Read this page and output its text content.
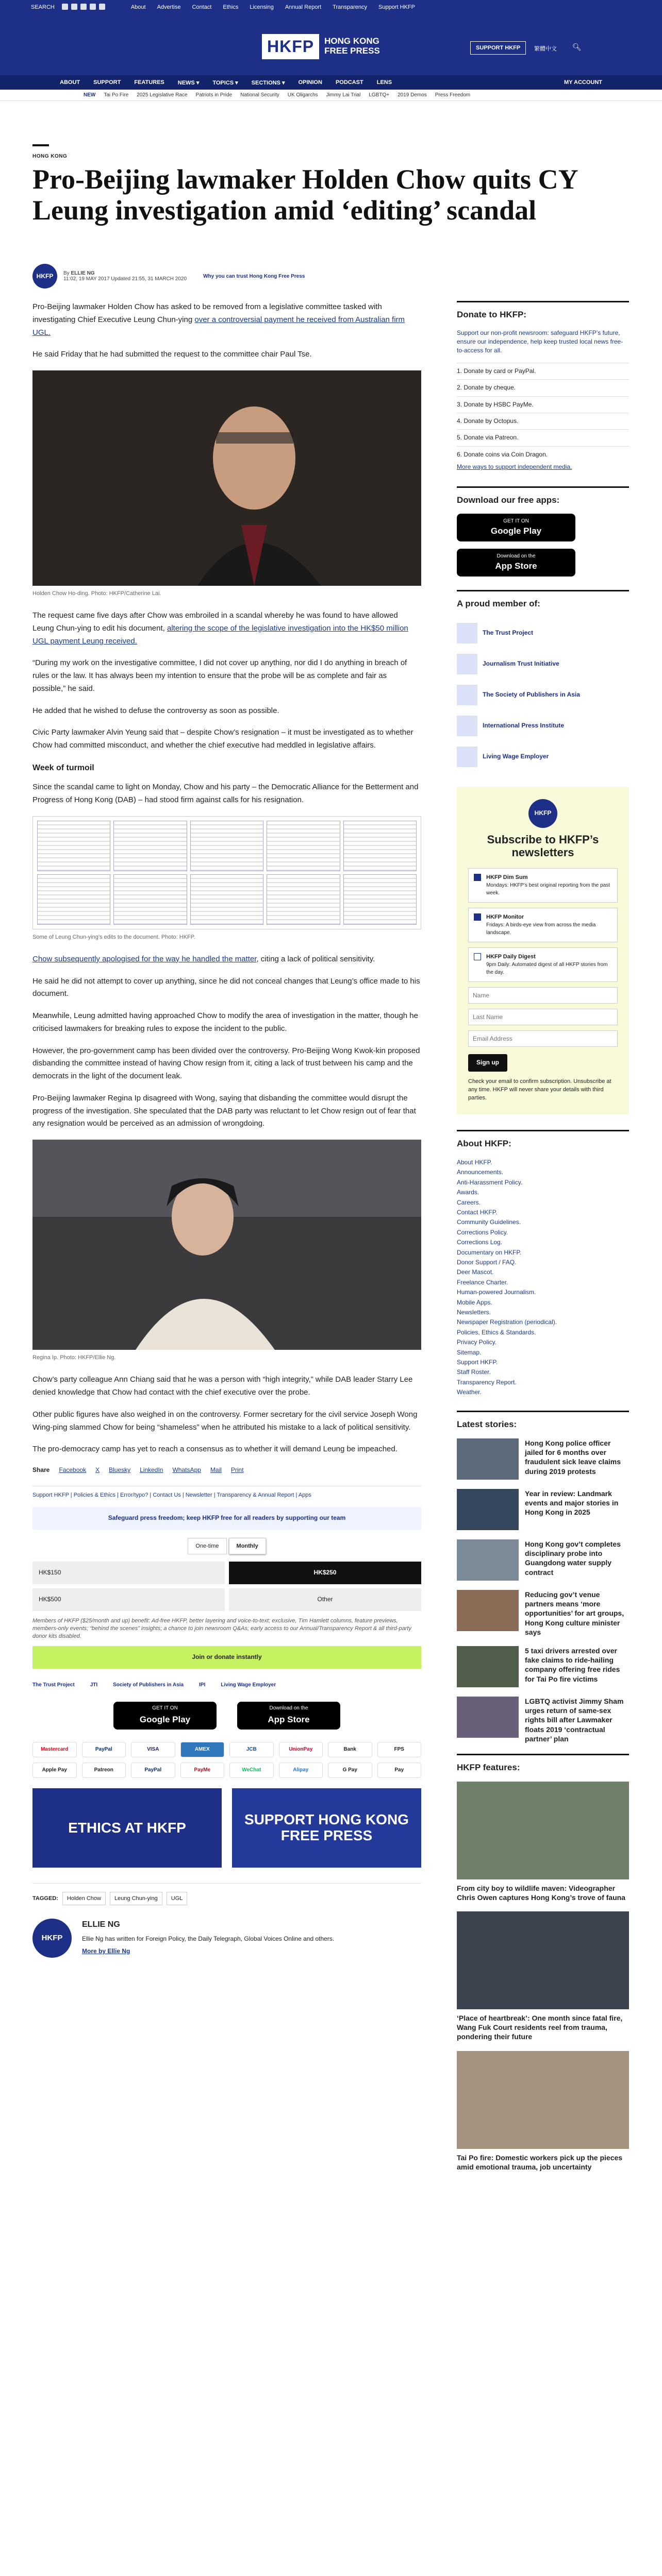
SEARCH	About Advertise Contact Ethics Licensing Annual Report Transparency Support HKFP
HKFP	HONG KONG
FREE PRESS	SUPPORT HKFP	繁體中文 🔍︎
ABOUT SUPPORT FEATURES NEWS ▾ TOPICS ▾ SECTIONS ▾ OPINION PODCAST LENS	MY ACCOUNT
NEW Tai Po Fire 2025 Legislative Race Patriots in Pride National Security UK Oligarchs Jimmy Lai Trial LGBTQ+ 2019 Demos Press Freedom
HONG KONG
Pro-Beijing lawmaker Holden Chow quits CY Leung investigation amid ‘editing’ scandal
HKFP	By ELLIE NG
11:02, 19 MAY 2017 Updated 21:55, 31 MARCH 2020	Why you can trust Hong Kong Free Press

Pro-Beijing lawmaker Holden Chow has asked to be removed from a legislative committee tasked with investigating Chief Executive Leung Chun-ying over a controversial payment he received from Australian firm UGL.

He said Friday that he had submitted the request to the committee chair Paul Tse.

Holden Chow Ho-ding. Photo: HKFP/Catherine Lai.

The request came five days after Chow was embroiled in a scandal whereby he was found to have allowed Leung Chun-ying to edit his document, altering the scope of the legislative investigation into the HK$50 million UGL payment Leung received.

“During my work on the investigative committee, I did not cover up anything, nor did I do anything in breach of rules or the law. It has always been my intention to ensure that the probe will be as complete and fair as possible,” he said.

He added that he wished to defuse the controversy as soon as possible.

Civic Party lawmaker Alvin Yeung said that – despite Chow’s resignation – it must be investigated as to whether Chow had committed misconduct, and whether the chief executive had meddled in legislative affairs.

Week of turmoil

Since the scandal came to light on Monday, Chow and his party – the Democratic Alliance for the Betterment and Progress of Hong Kong (DAB) – had stood firm against calls for his resignation.

Some of Leung Chun-ying’s edits to the document. Photo: HKFP.

Chow subsequently apologised for the way he handled the matter, citing a lack of political sensitivity.

He said he did not attempt to cover up anything, since he did not conceal changes that Leung’s office made to his document.

Meanwhile, Leung admitted having approached Chow to modify the area of investigation in the matter, though he criticised lawmakers for breaking rules to expose the incident to the public.

However, the pro-government camp has been divided over the controversy. Pro-Beijing Wong Kwok-kin proposed disbanding the committee instead of having Chow resign from it, citing a lack of trust between his camp and the democrats in the light of the document leak.

Pro-Beijing lawmaker Regina Ip disagreed with Wong, saying that disbanding the committee would disrupt the progress of the investigation. She speculated that the DAB party was reluctant to let Chow resign out of fear that any resignation would be perceived as an admission of wrongdoing.

Regina Ip. Photo: HKFP/Ellie Ng.

Chow’s party colleague Ann Chiang said that he was a person with “high integrity,” while DAB leader Starry Lee denied knowledge that Chow had contact with the chief executive over the probe.

Other public figures have also weighed in on the controversy. Former secretary for the civil service Joseph Wong Wing-ping slammed Chow for being “shameless” when he attributed his mistake to a lack of political sensitivity.

The pro-democracy camp has yet to reach a consensus as to whether it will demand Leung be impeached.

Share Facebook X Bluesky LinkedIn WhatsApp Mail Print
Support HKFP | Policies & Ethics | Error/typo? | Contact Us | Newsletter | Transparency & Annual Report | Apps
Safeguard press freedom; keep HKFP free for all readers by supporting our team
One-time	Monthly
HK$150	HK$250
HK$500	Other
Members of HKFP ($25/month and up) benefit: Ad-free HKFP, better layering and voice-to-text; exclusive, Tim Hamlett columns, feature previews, members-only events; “behind the scenes” insights; a chance to join newsroom Q&As; early access to our Annual/Transparency Report & all third-party donor kits disabled.
Join or donate instantly
The Trust Project	JTI	Society of Publishers in Asia	IPI	Living Wage Employer
GET IT ON
Google Play
Download on the
App Store
Mastercard	PayPal	VISA	AMEX	JCB	UnionPay	Bank	FPS
Apple Pay	Patreon	PayPal	PayMe	WeChat	Alipay	G Pay	Pay
ETHICS AT HKFP	SUPPORT HONG KONG FREE PRESS
TAGGED:	Holden Chow	Leung Chun-ying	UGL
HKFP
ELLIE NG
Ellie Ng has written for Foreign Policy, the Daily Telegraph, Global Voices Online and others.
More by Ellie Ng
Donate to HKFP:
Support our non-profit newsroom: safeguard HKFP’s future, ensure our independence, help keep trusted local news free-to-access for all.
1. Donate by card or PayPal.
2. Donate by cheque.
3. Donate by HSBC PayMe.
4. Donate by Octopus.
5. Donate via Patreon.
6. Donate coins via Coin Dragon.
More ways to support independent media.
Download our free apps:
GET IT ON
Google Play
Download on the
App Store
A proud member of:
The Trust Project
Journalism Trust Initiative
The Society of Publishers in Asia
International Press Institute
Living Wage Employer
HKFP
Subscribe to HKFP’s newsletters
HKFP Dim Sum
Mondays: HKFP’s best original reporting from the past week.
HKFP Monitor
Fridays: A birds-eye view from across the media landscape.
HKFP Daily Digest
9pm Daily: Automated digest of all HKFP stories from the day.
Name Last Name Email Address Sign up
Check your email to confirm subscription. Unsubscribe at any time. HKFP will never share your details with third parties.
About HKFP:
About HKFP.
Announcements.
Anti-Harassment Policy.
Awards.
Careers.
Contact HKFP.
Community Guidelines.
Corrections Policy.
Corrections Log.
Documentary on HKFP.
Donor Support / FAQ.
Deer Mascot.
Freelance Charter.
Human-powered Journalism.
Mobile Apps.
Newsletters.
Newspaper Registration (periodical).
Policies, Ethics & Standards.
Privacy Policy.
Sitemap.
Support HKFP.
Staff Roster.
Transparency Report.
Weather.
Latest stories:
Hong Kong police officer jailed for 6 months over fraudulent sick leave claims during 2019 protests
Year in review: Landmark events and major stories in Hong Kong in 2025
Hong Kong gov’t completes disciplinary probe into Guangdong water supply contract
Reducing gov’t venue partners means ‘more opportunities’ for art groups, Hong Kong culture minister says
5 taxi drivers arrested over fake claims to ride-hailing company offering free rides for Tai Po fire victims
LGBTQ activist Jimmy Sham urges return of same-sex rights bill after Lawmaker floats 2019 ‘contractual partner’ plan
HKFP features:
From city boy to wildlife maven: Videographer Chris Owen captures Hong Kong’s trove of fauna
‘Place of heartbreak’: One month since fatal fire, Wang Fuk Court residents reel from trauma, pondering their future
Tai Po fire: Domestic workers pick up the pieces amid emotional trauma, job uncertainty
